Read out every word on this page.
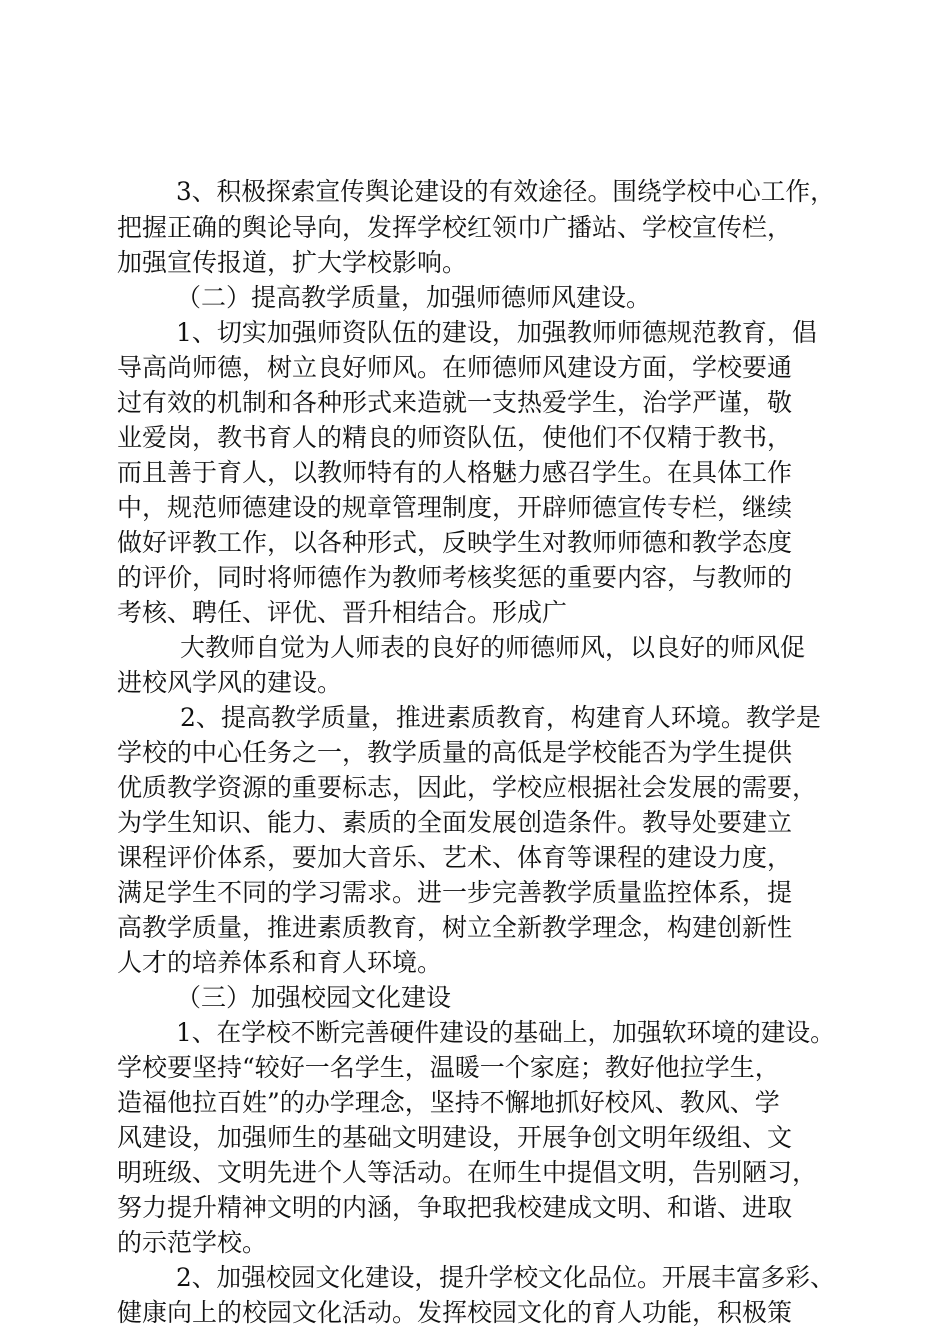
3、积极探索宣传舆论建设的有效途径。围绕学校中心工作，
把握正确的舆论导向，发挥学校红领巾广播站、学校宣传栏，
加强宣传报道，扩大学校影响。
（二）提高教学质量，加强师德师风建设。
1、切实加强师资队伍的建设，加强教师师德规范教育，倡
导高尚师德，树立良好师风。在师德师风建设方面，学校要通
过有效的机制和各种形式来造就一支热爱学生，治学严谨，敬
业爱岗，教书育人的精良的师资队伍，使他们不仅精于教书，
而且善于育人，以教师特有的人格魅力感召学生。在具体工作
中，规范师德建设的规章管理制度，开辟师德宣传专栏，继续
做好评教工作，以各种形式，反映学生对教师师德和教学态度
的评价，同时将师德作为教师考核奖惩的重要内容，与教师的
考核、聘任、评优、晋升相结合。形成广
大教师自觉为人师表的良好的师德师风，以良好的师风促
进校风学风的建设。
2、提高教学质量，推进素质教育，构建育人环境。教学是
学校的中心任务之一，教学质量的高低是学校能否为学生提供
优质教学资源的重要标志，因此，学校应根据社会发展的需要，
为学生知识、能力、素质的全面发展创造条件。教导处要建立
课程评价体系，要加大音乐、艺术、体育等课程的建设力度，
满足学生不同的学习需求。进一步完善教学质量监控体系，提
高教学质量，推进素质教育，树立全新教学理念，构建创新性
人才的培养体系和育人环境。
（三）加强校园文化建设
1、在学校不断完善硬件建设的基础上，加强软环境的建设。
学校要坚持“较好一名学生，温暖一个家庭；教好他拉学生，
造福他拉百姓”的办学理念，坚持不懈地抓好校风、教风、学
风建设，加强师生的基础文明建设，开展争创文明年级组、文
明班级、文明先进个人等活动。在师生中提倡文明，告别陋习，
努力提升精神文明的内涵，争取把我校建成文明、和谐、进取
的示范学校。
2、加强校园文化建设，提升学校文化品位。开展丰富多彩、
健康向上的校园文化活动。发挥校园文化的育人功能，积极策
